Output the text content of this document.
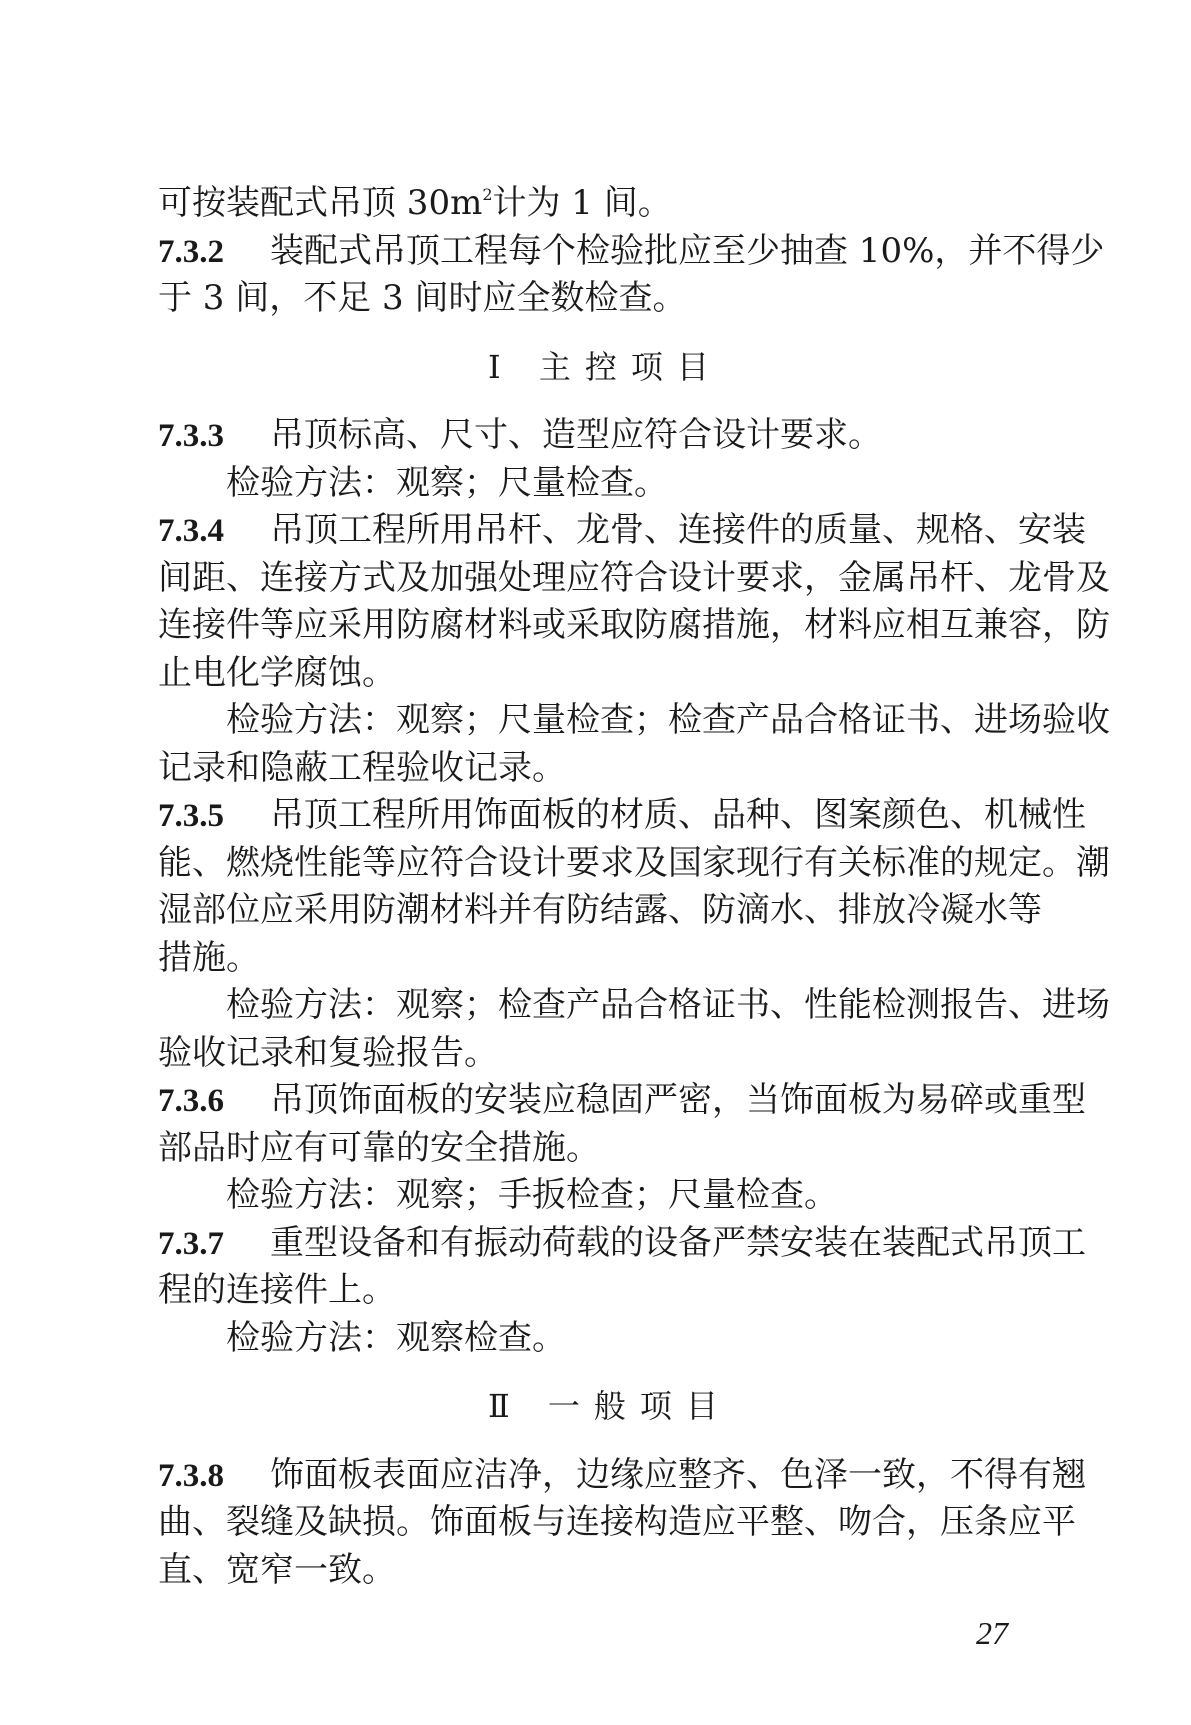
可按装配式吊顶 $30m^2$计为 1 间。
7.3.2 装配式吊顶工程每个检验批应至少抽查 10%，并不得少
于 3 间，不足 3 间时应全数检查。
Ⅰ 主控项目
7.3.3 吊顶标高、尺寸、造型应符合设计要求。
检验方法：观察；尺量检查。
7.3.4 吊顶工程所用吊杆、龙骨、连接件的质量、规格、安装
间距、连接方式及加强处理应符合设计要求，金属吊杆、龙骨及
连接件等应采用防腐材料或采取防腐措施，材料应相互兼容，防
止电化学腐蚀。
检验方法：观察；尺量检查；检查产品合格证书、进场验收
记录和隐蔽工程验收记录。
7.3.5 吊顶工程所用饰面板的材质、品种、图案颜色、机械性
能、燃烧性能等应符合设计要求及国家现行有关标准的规定。潮
湿部位应采用防潮材料并有防结露、防滴水、排放冷凝水等
措施。
检验方法：观察；检查产品合格证书、性能检测报告、进场
验收记录和复验报告。
7.3.6 吊顶饰面板的安装应稳固严密，当饰面板为易碎或重型
部品时应有可靠的安全措施。
检验方法：观察；手扳检查；尺量检查。
7.3.7 重型设备和有振动荷载的设备严禁安装在装配式吊顶工
程的连接件上。
检验方法：观察检查。
Ⅱ 一般项目
7.3.8 饰面板表面应洁净，边缘应整齐、色泽一致，不得有翘
曲、裂缝及缺损。饰面板与连接构造应平整、吻合，压条应平
直、宽窄一致。
27
